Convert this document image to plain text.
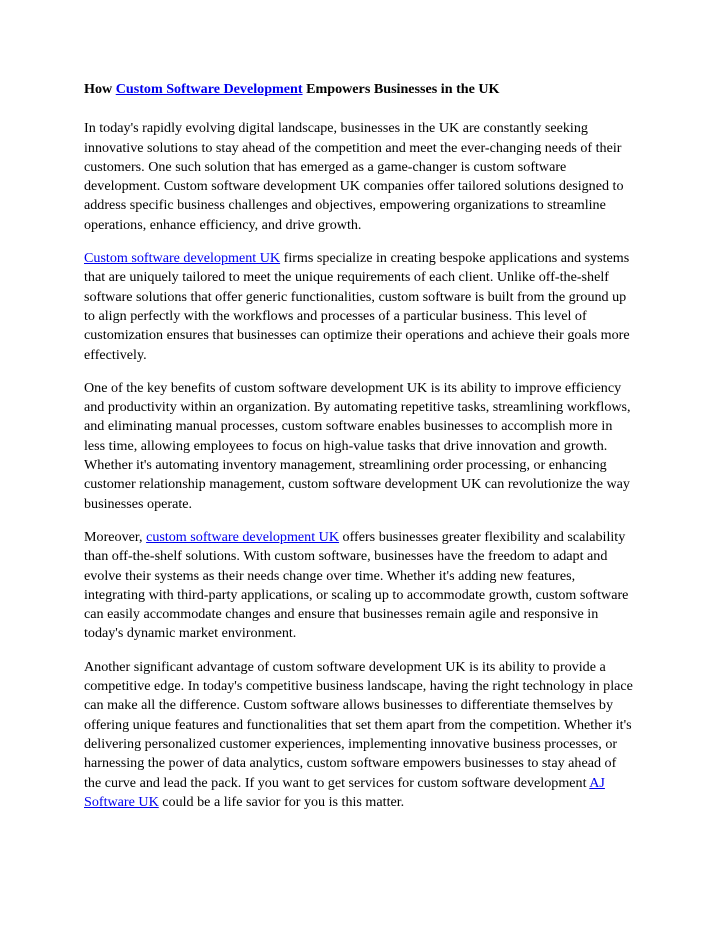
How Custom Software Development Empowers Businesses in the UK

In today's rapidly evolving digital landscape, businesses in the UK are constantly seeking innovative solutions to stay ahead of the competition and meet the ever-changing needs of their customers. One such solution that has emerged as a game-changer is custom software development. Custom software development UK companies offer tailored solutions designed to address specific business challenges and objectives, empowering organizations to streamline operations, enhance efficiency, and drive growth.

Custom software development UK firms specialize in creating bespoke applications and systems that are uniquely tailored to meet the unique requirements of each client. Unlike off-the-shelf software solutions that offer generic functionalities, custom software is built from the ground up to align perfectly with the workflows and processes of a particular business. This level of customization ensures that businesses can optimize their operations and achieve their goals more effectively.

One of the key benefits of custom software development UK is its ability to improve efficiency and productivity within an organization. By automating repetitive tasks, streamlining workflows, and eliminating manual processes, custom software enables businesses to accomplish more in less time, allowing employees to focus on high-value tasks that drive innovation and growth. Whether it's automating inventory management, streamlining order processing, or enhancing customer relationship management, custom software development UK can revolutionize the way businesses operate.

Moreover, custom software development UK offers businesses greater flexibility and scalability than off-the-shelf solutions. With custom software, businesses have the freedom to adapt and evolve their systems as their needs change over time. Whether it's adding new features, integrating with third-party applications, or scaling up to accommodate growth, custom software can easily accommodate changes and ensure that businesses remain agile and responsive in today's dynamic market environment.

Another significant advantage of custom software development UK is its ability to provide a competitive edge. In today's competitive business landscape, having the right technology in place can make all the difference. Custom software allows businesses to differentiate themselves by offering unique features and functionalities that set them apart from the competition. Whether it's delivering personalized customer experiences, implementing innovative business processes, or harnessing the power of data analytics, custom software empowers businesses to stay ahead of the curve and lead the pack. If you want to get services for custom software development AJ Software UK could be a life savior for you is this matter.
